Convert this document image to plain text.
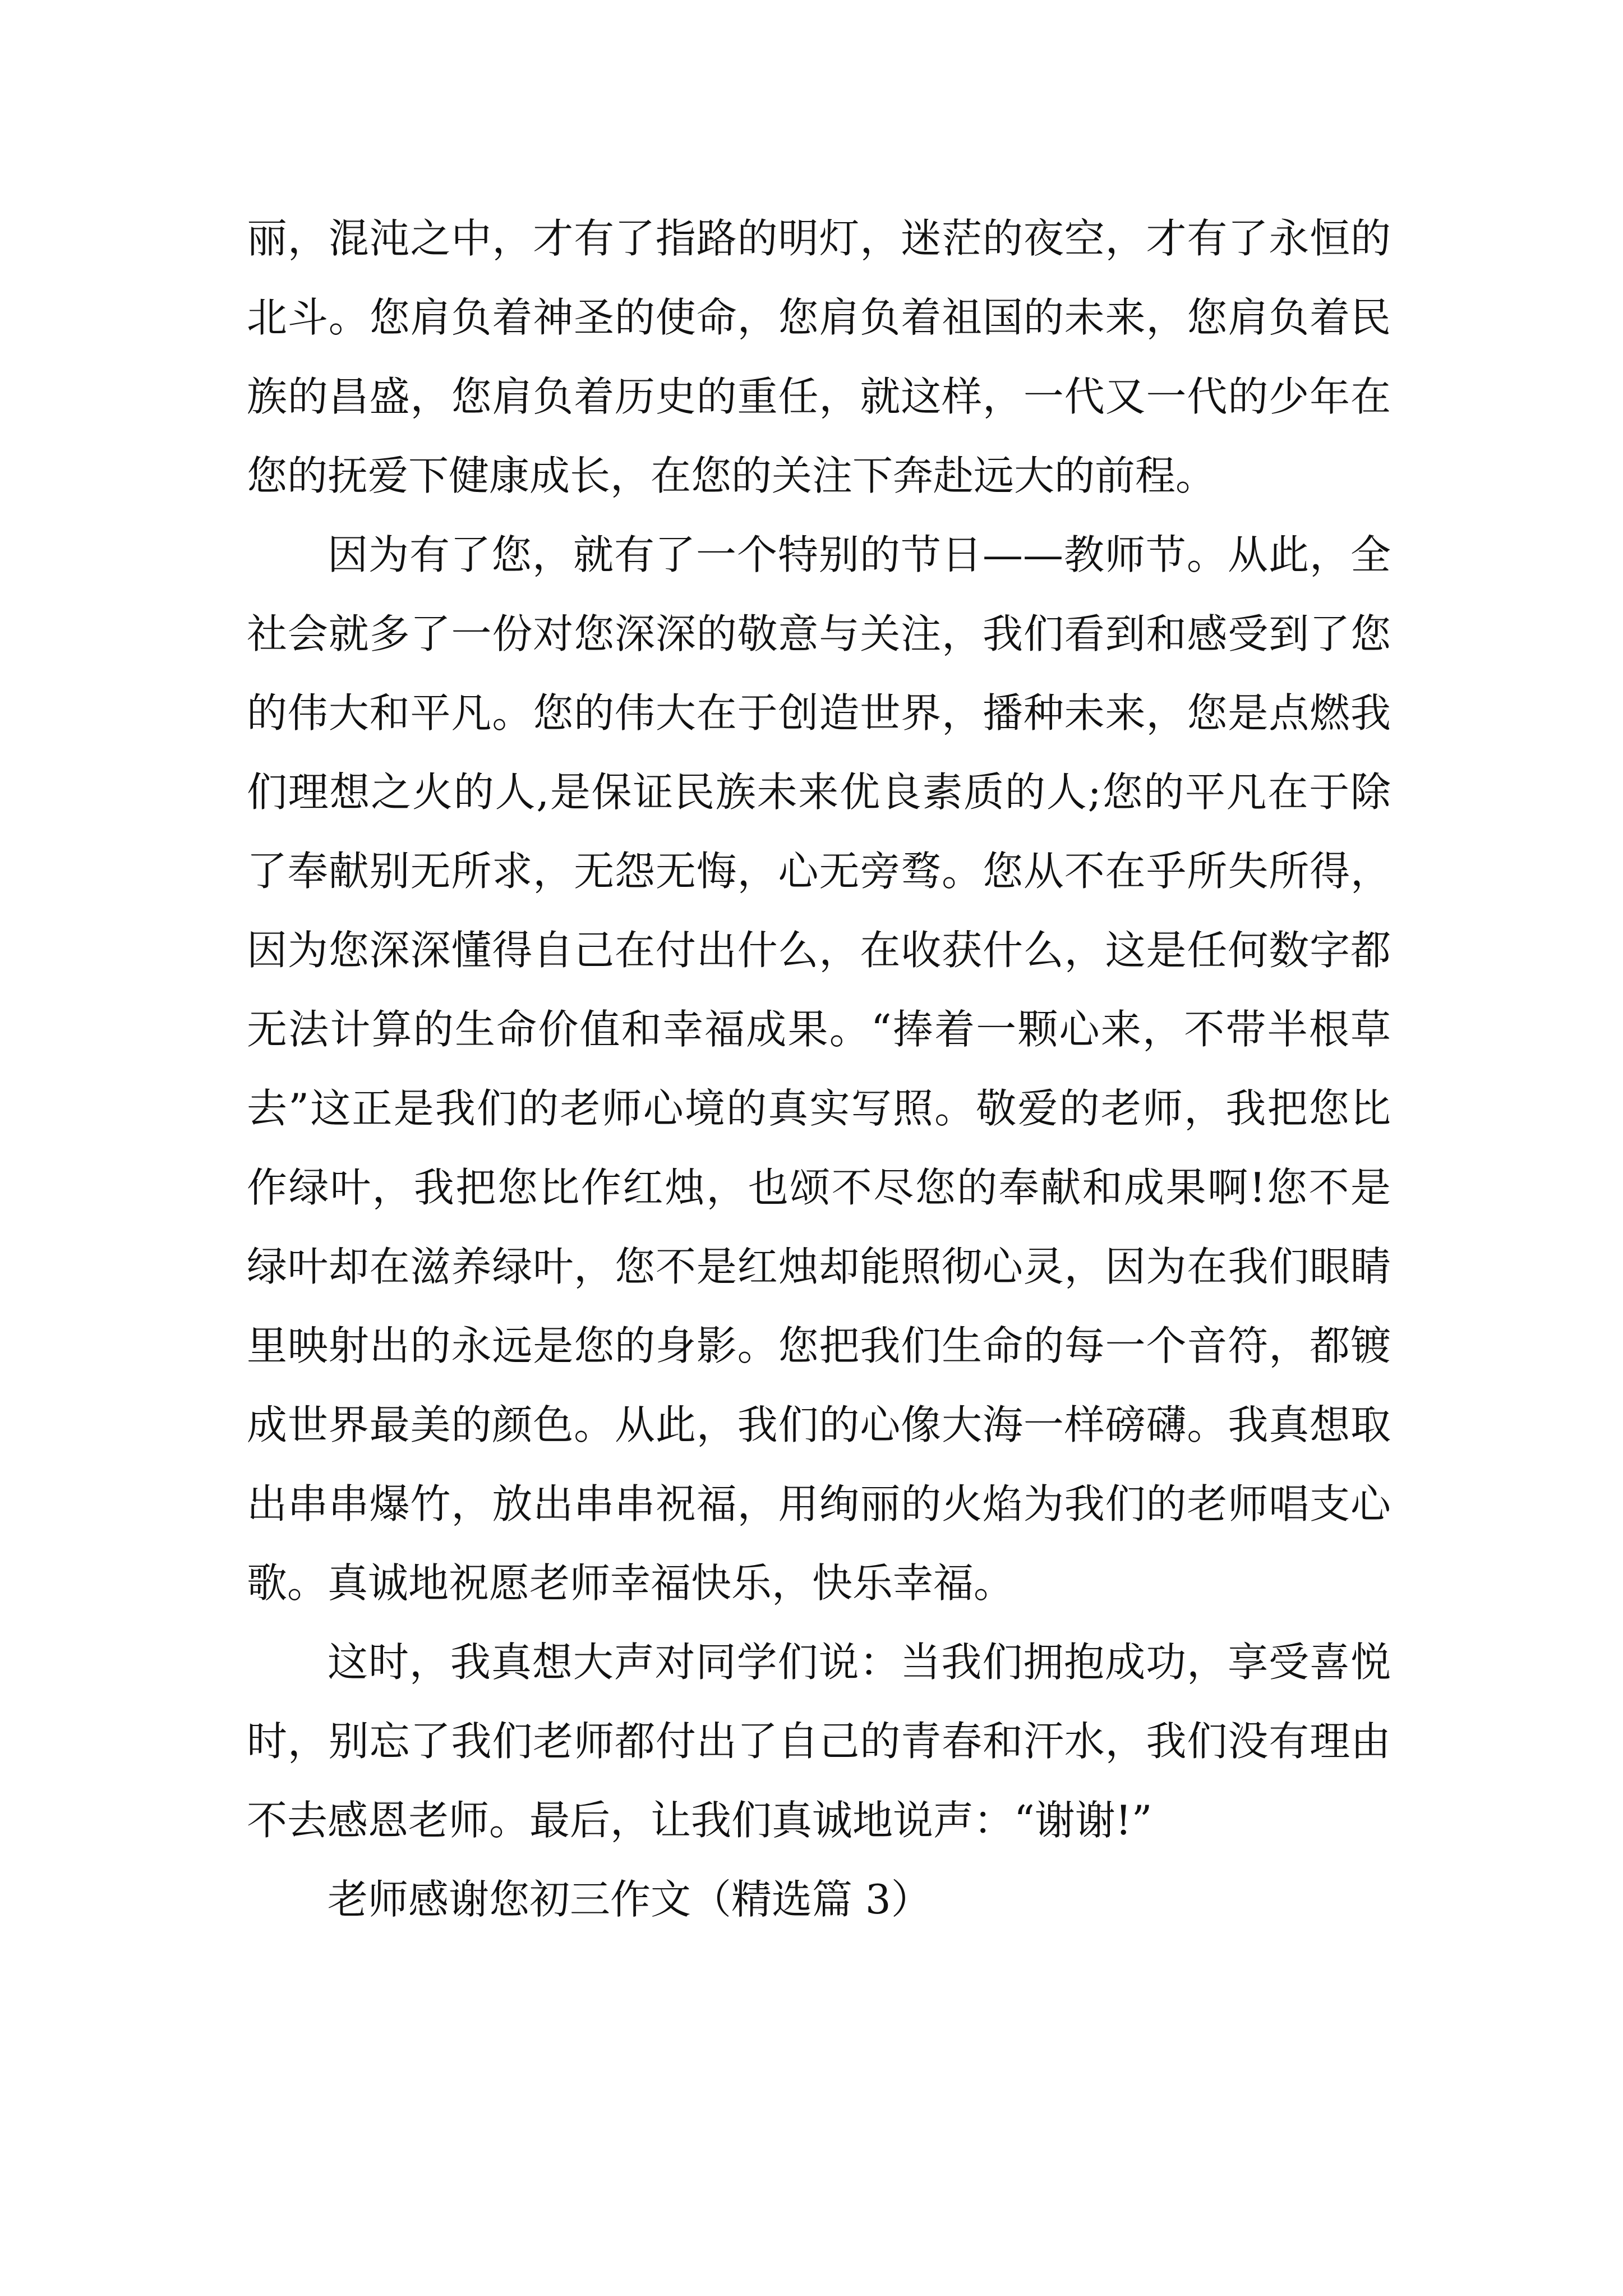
丽，混沌之中，才有了指路的明灯，迷茫的夜空，才有了永恒的北斗。您肩负着神圣的使命，您肩负着祖国的未来，您肩负着民族的昌盛，您肩负着历史的重任，就这样，一代又一代的少年在您的抚爱下健康成长，在您的关注下奔赴远大的前程。

因为有了您，就有了一个特别的节日——教师节。从此，全社会就多了一份对您深深的敬意与关注，我们看到和感受到了您的伟大和平凡。您的伟大在于创造世界，播种未来，您是点燃我们理想之火的人,是保证民族未来优良素质的人;您的平凡在于除了奉献别无所求，无怨无悔，心无旁骛。您从不在乎所失所得，因为您深深懂得自己在付出什么，在收获什么，这是任何数字都无法计算的生命价值和幸福成果。“捧着一颗心来，不带半根草去”这正是我们的老师心境的真实写照。敬爱的老师，我把您比作绿叶，我把您比作红烛，也颂不尽您的奉献和成果啊!您不是绿叶却在滋养绿叶，您不是红烛却能照彻心灵，因为在我们眼睛里映射出的永远是您的身影。您把我们生命的每一个音符，都镀成世界最美的颜色。从此，我们的心像大海一样磅礴。我真想取出串串爆竹，放出串串祝福，用绚丽的火焰为我们的老师唱支心歌。真诚地祝愿老师幸福快乐，快乐幸福。

这时，我真想大声对同学们说：当我们拥抱成功，享受喜悦时，别忘了我们老师都付出了自己的青春和汗水，我们没有理由不去感恩老师。最后，让我们真诚地说声：“谢谢!”

老师感谢您初三作文（精选篇 3）
